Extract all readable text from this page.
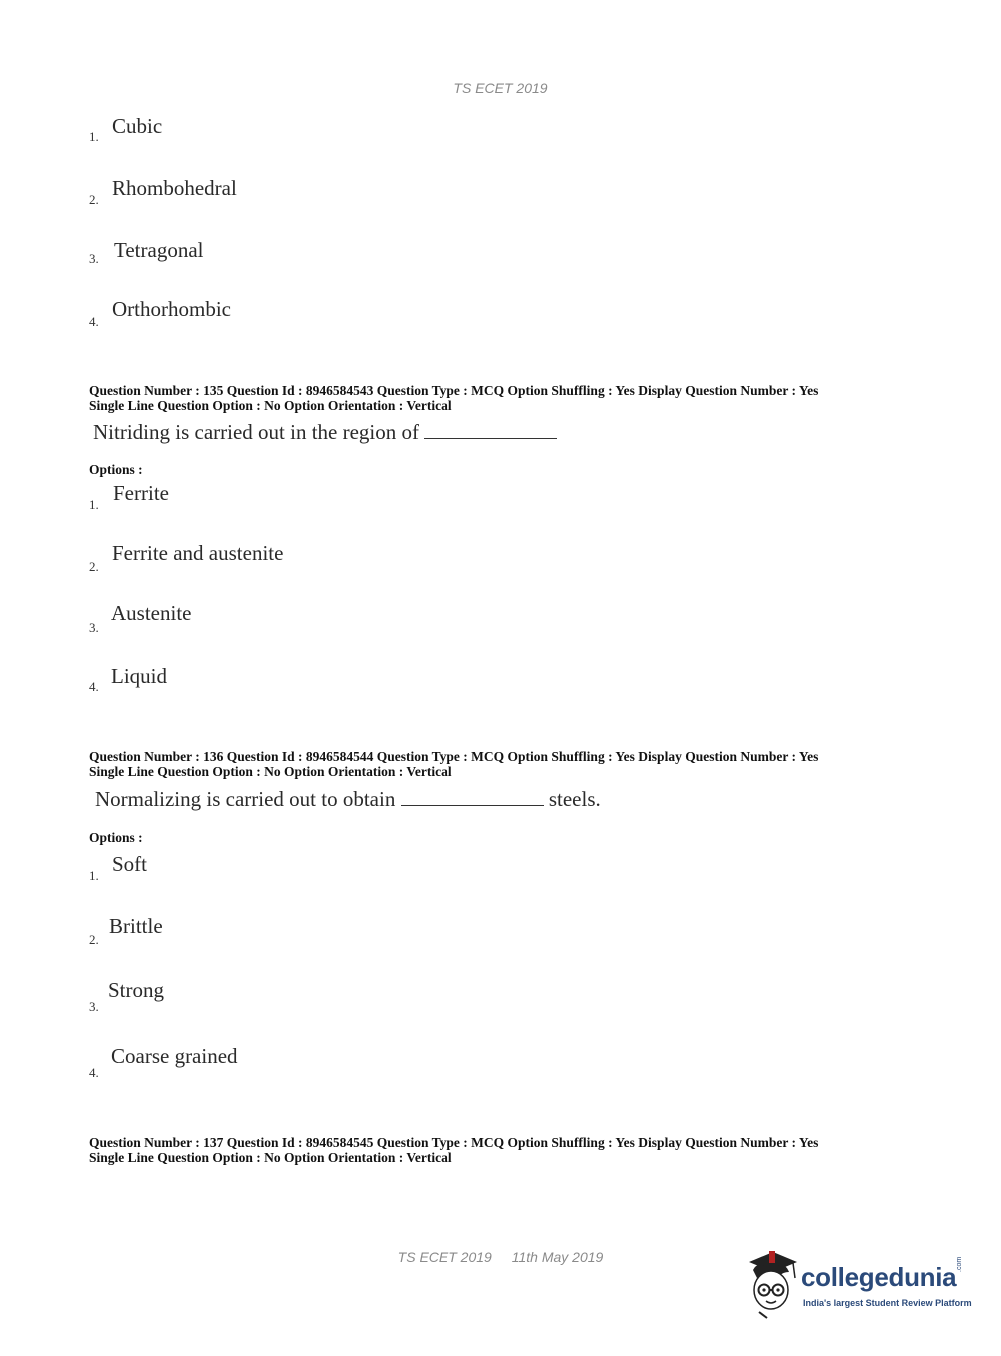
TS ECET 2019
1. Cubic
2. Rhombohedral
3. Tetragonal
4.
Orthorhombic
Question Number : 135 Question Id : 8946584543 Question Type : MCQ Option Shuffling : Yes Display Question Number : Yes
Single Line Question Option : No Option Orientation : Vertical
Nitriding is carried out in the region of
Options :
1. Ferrite
2.
Ferrite and austenite
3.
Austenite
4. Liquid
Question Number : 136 Question Id : 8946584544 Question Type : MCQ Option Shuffling : Yes Display Question Number : Yes
Single Line Question Option : No Option Orientation : Vertical
Normalizing is carried out to obtain	steels.
Options :
1. Soft
2.
Brittle
3.
Strong
4.
Coarse grained
Question Number : 137 Question Id : 8946584545 Question Type : MCQ Option Shuffling : Yes Display Question Number : Yes
Single Line Question Option : No Option Orientation : Vertical
TS ECET 2019 11th May 2019
collegedunia .com
India's largest Student Review Platform
